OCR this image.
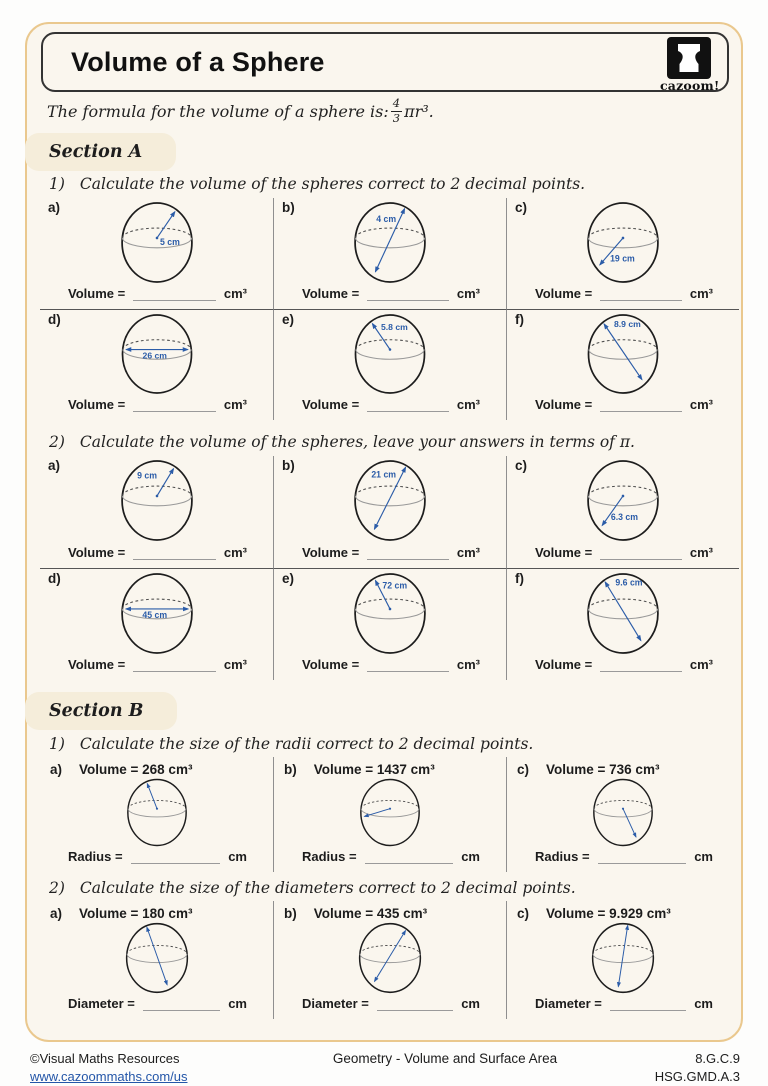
Volume of a Sphere
cazoom!

The formula for the volume of a sphere is: $\frac{4}{3} \pi r^3$.

Section A

1) Calculate the volume of the spheres correct to 2 decimal points.

a)
5 cm
Volume =	cm³
b)
4 cm
Volume =	cm³
c)
19 cm
Volume =	cm³
d)
26 cm
Volume =	cm³
e)	5.8 cm
Volume =	cm³
f)	8.9 cm
Volume =	cm³

2) Calculate the volume of the spheres, leave your answers in terms of π.

a)
9 cm
Volume =	cm³
b)
21 cm
Volume =	cm³
c)
6.3 cm
Volume =	cm³
d)
45 cm
Volume =	cm³
e)	72 cm
Volume =	cm³
f)	9.6 cm
Volume =	cm³
Section B

1) Calculate the size of the radii correct to 2 decimal points.

a) Volume = 268 cm³
Radius =	cm
b) Volume = 1437 cm³
Radius =	cm
c) Volume = 736 cm³
Radius =	cm

2) Calculate the size of the diameters correct to 2 decimal points.

a) Volume = 180 cm³
Diameter =	cm
b) Volume = 435 cm³
Diameter =	cm
c) Volume = 9.929 cm³
Diameter =	cm
©Visual Maths Resources
www.cazoommaths.com/us
Geometry - Volume and Surface Area	8.G.C.9
HSG.GMD.A.3
